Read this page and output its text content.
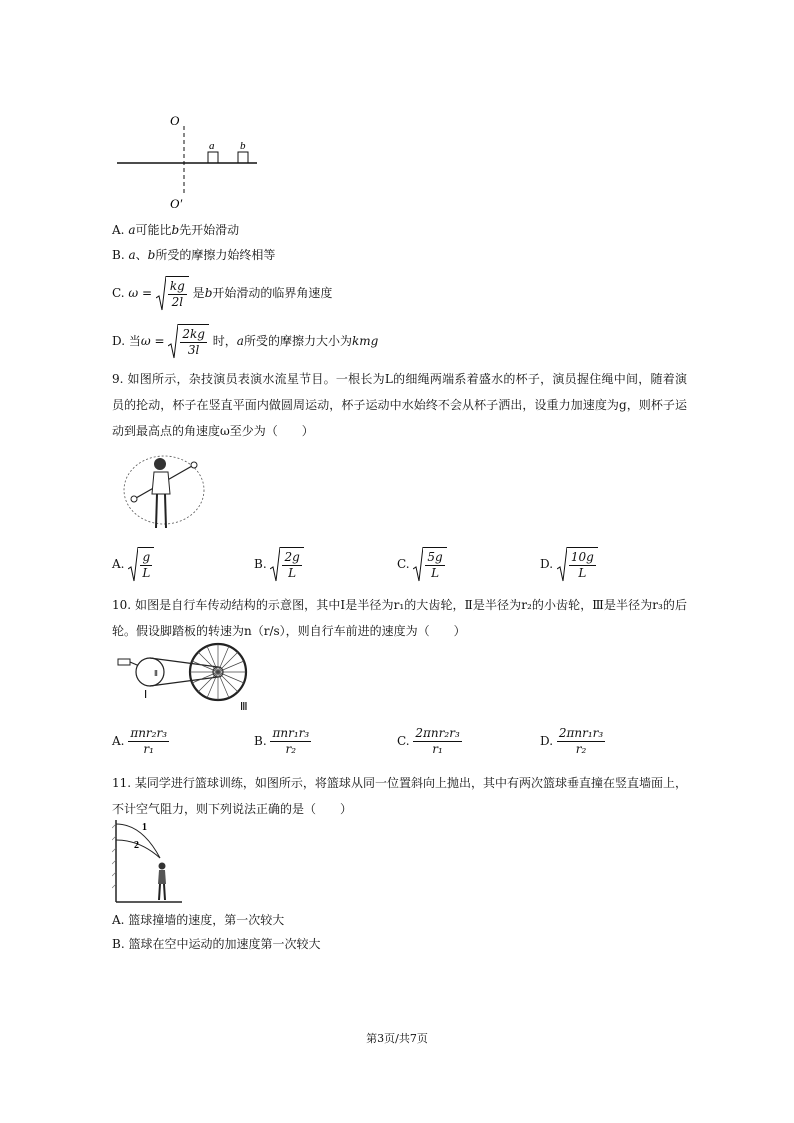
O
O′
a b
A. a可能比b先开始滑动
B. a、b所受的摩擦力始终相等
C. $\omega = \frac{kg}{2l}$ 是b开始滑动的临界角速度
D. 当$\omega = \frac{2kg}{3l}$ 时，a所受的摩擦力大小为kmg
9. 如图所示，杂技演员表演水流星节目。一根长为L的细绳两端系着盛水的杯子，演员握住绳中间，随着演员的抡动，杯子在竖直平面内做圆周运动，杯子运动中水始终不会从杯子洒出，设重力加速度为g，则杯子运动到最高点的角速度ω至少为（　　）
A. $\frac{g}{L}$	B. $\frac{2g}{L}$	C. $\frac{5g}{L}$	D. $\frac{10g}{L}$
10. 如图是自行车传动结构的示意图，其中Ⅰ是半径为r₁的大齿轮，Ⅱ是半径为r₂的小齿轮，Ⅲ是半径为r₃的后轮。假设脚踏板的转速为n（r/s），则自行车前进的速度为（　　）
Ⅰ
Ⅱ
Ⅲ
A. $\frac{\text{πnr₂r₃}}{\text{r₁}}$	B. $\frac{\text{πnr₁r₃}}{\text{r₂}}$	C. $\frac{\text{2πnr₂r₃}}{\text{r₁}}$	D. $\frac{\text{2πnr₁r₃}}{\text{r₂}}$
11. 某同学进行篮球训练，如图所示，将篮球从同一位置斜向上抛出，其中有两次篮球垂直撞在竖直墙面上，不计空气阻力，则下列说法正确的是（　　）
1
2
A. 篮球撞墙的速度，第一次较大
B. 篮球在空中运动的加速度第一次较大
第3页/共7页
